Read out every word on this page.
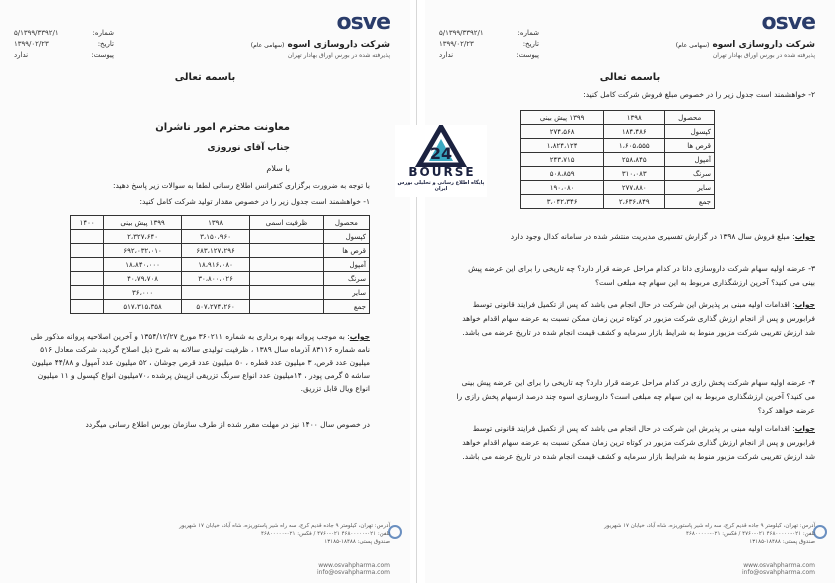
osve
شرکت داروسازی اسوه (سهامی عام)
پذیرفته شده در بورس اوراق بهادار تهران
شماره:
۵/۱۳۹۹/۳۳۹۲/۱
تاریخ:
۱۳۹۹/۰۲/۲۳
پیوست:
ندارد
باسمه تعالی
معاونت محترم امور ناشران
جناب آقای نوروزی
با سلام
با توجه به ضرورت برگزاری کنفرانس اطلاع رسانی لطفا به سوالات زیر پاسخ دهید:
۱- خواهشمند است جدول زیر را در خصوص مقدار تولید شرکت کامل کنید:
محصول	ظرفیت اسمی	۱۳۹۸	۱۳۹۹ پیش بینی	۱۴۰۰
کپسول		۳،۱۵۰،۹۶۰	۲،۳۲۷،۶۴۰	
قرص ها		۶۸۳،۱۲۷،۲۹۶	۶۹۲،۰۳۲،۰۱۰	
آمپول		۱۸،۹۱۶،۰۸۰	۱۸،۸۴۰،۰۰۰	
سرنگ		۳۰،۸۰۰،۰۲۶	۴۰،۷۹،۷۰۸	
سایر			۳۶،۰۰۰	
جمع		۵۰۷،۲۷۴،۲۶۰	۵۱۷،۳۱۵،۳۵۸	
جواب: به موجب پروانه بهره برداری به شماره ۳۶۰۲۱۱ مورخ ۱۳۵۴/۱۲/۲۷ و آخرین اصلاحیه پروانه مذکور طی نامه شماره ۸۳۱۱۶ آذرماه سال ۱۳۸۹ ، ظرفیت تولیدی سالانه به شرح ذیل اصلاح گردید، شرکت معادل ۵۱۶ میلیون عدد قرص، ۳ میلیون عدد قطره ، ۵۰ میلیون عدد قرص جوشان ، ۵۲ میلیون عدد آمپول و ۴۴/۸۸ میلیون ساشه ۵ گرمی پودر ، ۱۴میلیون عدد انواع سرنگ تزریقی ازپیش پرشده ،۷۰میلیون انواع کپسول و ۱۱ میلیون انواع ویال قابل تزریق.
در خصوص سال ۱۴۰۰ نیز در مهلت مقرر شده از طرف سازمان بورس اطلاع رسانی میگردد
آدرس: تهران، کیلومتر ۹ جاده قدیم کرج، سه راه شیر پاستوریزه، شاه آباد، خیابان ۱۷ شهریور
تلفن: ۰۲۱-۴۶۸۰۰۰۰۰ ۰۲۱-۴۷۶۰ / فکس: ۰۲۱-۴۶۸۰۰۰۰۰
صندوق پستی: ۱۸۴۸۸-۱۳۱۸۵
www.osvahpharma.com
info@osvahpharma.com
osve
شرکت داروسازی اسوه (سهامی عام)
پذیرفته شده در بورس اوراق بهادار تهران
شماره:
۵/۱۳۹۹/۳۳۹۲/۱
تاریخ:
۱۳۹۹/۰۲/۲۳
پیوست:
ندارد
باسمه تعالی
۲- خواهشمند است جدول زیر را در خصوص مبلغ فروش شرکت کامل کنید:
محصول	۱۳۹۸	۱۳۹۹ پیش بینی
کپسول	۱۸۴،۴۸۶	۲۷۴،۵۶۸
قرص ها	۱،۶۰۵،۵۵۵	۱،۸۲۴،۱۲۴
آمپول	۲۵۸،۸۴۵	۲۴۳،۷۱۵
سرنگ	۳۱۰،۰۸۳	۵۰۸،۸۵۹
سایر	۲۷۷،۸۸۰	۱۹۰،۰۸۰
جمع	۲،۶۳۶،۸۴۹	۳،۰۴۲،۳۴۶
جواب: مبلغ فروش سال ۱۳۹۸ در گزارش تفسیری مدیریت منتشر شده در سامانه کدال وجود دارد
۳- عرضه اولیه سهام شرکت داروسازی دانا در کدام مراحل عرضه قرار دارد؟ چه تاریخی را برای این عرضه پیش بینی می کنید؟ آخرین ارزشگذاری مربوط به این سهام چه مبلغی است؟
جواب: اقدامات اولیه مبنی بر پذیرش این شرکت در حال انجام می باشد که پس از تکمیل فرایند قانونی توسط فرابورس و پس از انجام ارزش گذاری شرکت مزبور در کوتاه ترین زمان ممکن نسبت به عرضه سهام اقدام خواهد شد ارزش تقریبی شرکت مزبور منوط به شرایط بازار سرمایه و کشف قیمت انجام شده در تاریخ عرضه می باشد.
۴- عرضه اولیه سهام شرکت پخش رازی در کدام مراحل عرضه قرار دارد؟ چه تاریخی را برای این عرضه پیش بینی می کنید؟ آخرین ارزشگذاری مربوط به این سهام چه مبلغی است؟ داروسازی اسوه چند درصد ازسهام پخش رازی را عرضه خواهد کرد؟
جواب: اقدامات اولیه مبنی بر پذیرش این شرکت در حال انجام می باشد که پس از تکمیل فرایند قانونی توسط فرابورس و پس از انجام ارزش گذاری شرکت مزبور در کوتاه ترین زمان ممکن نسبت به عرضه سهام اقدام خواهد شد ارزش تقریبی شرکت مزبور منوط به شرایط بازار سرمایه و کشف قیمت انجام شده در تاریخ عرضه می باشد.
آدرس: تهران، کیلومتر ۹ جاده قدیم کرج، سه راه شیر پاستوریزه، شاه آباد، خیابان ۱۷ شهریور
تلفن: ۰۲۱-۴۶۸۰۰۰۰۰ ۰۲۱-۴۷۶۰ / فکس: ۰۲۱-۴۶۸۰۰۰۰۰
صندوق پستی: ۱۸۴۸۸-۱۳۱۸۵
www.osvahpharma.com
info@osvahpharma.com
24
BOURSE
پایگاه اطلاع رسانی و تحلیلی بورس ایران
